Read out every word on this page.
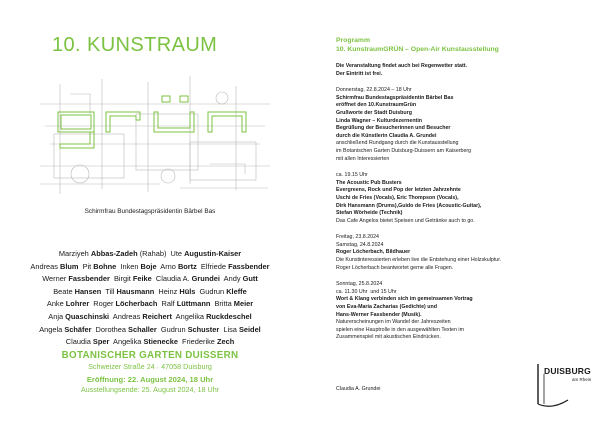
10. KUNSTRAUM
Schirmfrau Bundestagspräsidentin Bärbel Bas
Marziyeh Abbas-Zadeh (Rahab)  Ute Augustin-Kaiser
Andreas Blum  Pit Bohne  Inken Boje  Arno Bortz  Elfriede Fassbender
Werner Fassbender  Birgit Feike  Claudia A. Grundei  Andy Gutt
Beate Hansen  Till Hausmann  Heinz Hüls  Gudrun Kleffe
Anke Lohrer  Roger Löcherbach  Ralf Lüttmann  Britta Meier
Anja Quaschinski  Andreas Reichert  Angelika Ruckdeschel
Angela Schäfer  Dorothea Schaller  Gudrun Schuster  Lisa Seidel
Claudia Sper  Angelika Stienecke  Friederike Zech
BOTANISCHER GARTEN DUISSERN
Schweizer Straße 24 · 47058 Duisburg
Eröffnung: 22. August 2024, 18 Uhr
Ausstellungsende: 25. August 2024, 18 Uhr
Programm
10. KunstraumGRÜN – Open-Air Kunstausstellung
Die Veranstaltung findet auch bei Regenwetter statt.
Der Eintritt ist frei.
Donnerstag, 22.8.2024 – 18 Uhr
Schirmfrau Bundestagspräsidentin Bärbel Bas
eröffnet den 10.KunstraumGrün
Grußworte der Stadt Duisburg
Linda Wagner – Kulturdezernentin
Begrüßung der Besucherinnen und Besucher
durch die Künstlerin Claudia A. Grundei
anschließend Rundgang durch die Kunstausstellung
im Botanischen Garten Duisburg-Duissern am Kaiserberg
mit allen Interessierten
ca. 19.15 Uhr
The Acoustic Pub Busters
Evergreens, Rock und Pop der letzten Jahrzehnte
Uschi de Fries (Vocals), Eric Thompson (Vocals),
Dirk Hansmann (Drums),Guido de Fries (Acoustic-Guitar),
Stefan Wörheide (Technik)
Das Cafe Angelos bietet Speisen und Getränke auch to go.
Freitag, 23.8.2024
Samstag, 24.8.2024
Roger Löcherbach, Bildhauer
Die Kunstinteressierten erleben live die Entstehung einer Holzskulptur.
Roger Löcherbach beantwortet gerne alle Fragen.
Sonntag, 25.8.2024
ca. 11.30 Uhr  und 15 Uhr
Wort & Klang verbinden sich im gemeinsamen Vortrag
von Eva-Maria Zacharias (Gedichte) und
Hans-Werner Fassbender (Musik).
Naturerscheinungen im Wandel der Jahreszeiten
spielen eine Hauptrolle in den ausgewählten Texten im
Zusammenspiel mit akustischen Eindrücken.
Claudia A. Grundei
DUISBURG
am Rhein
